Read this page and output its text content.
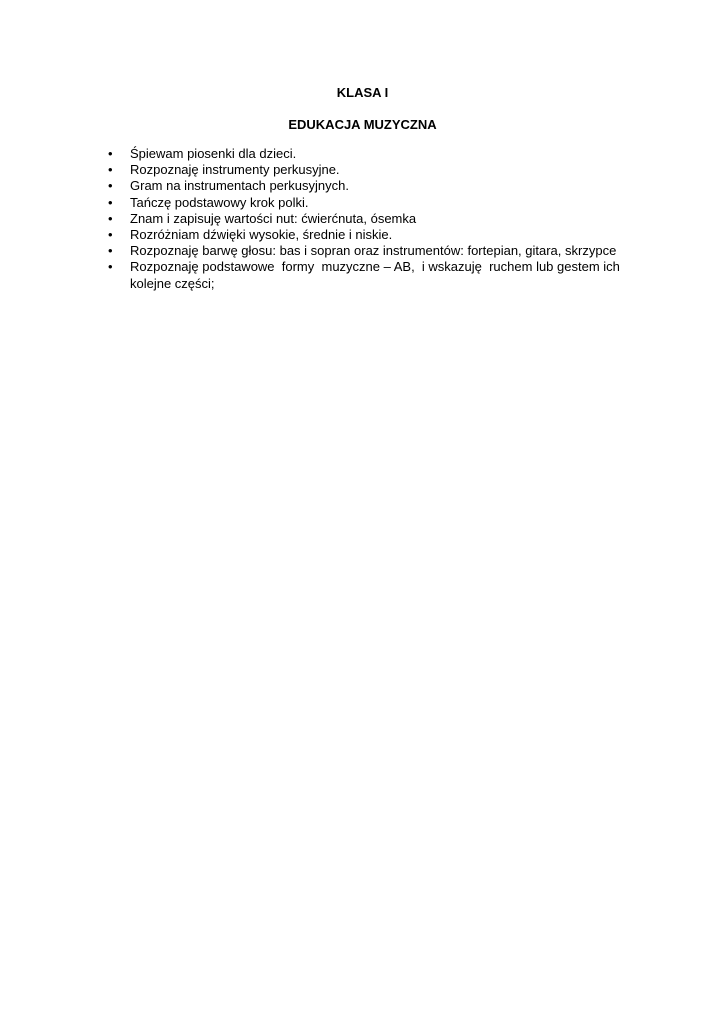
KLASA I
EDUKACJA MUZYCZNA
•	Śpiewam piosenki dla dzieci.
•	Rozpoznaję instrumenty perkusyjne.
•	Gram na instrumentach perkusyjnych.
•	Tańczę podstawowy krok polki.
•	Znam i zapisuję wartości nut: ćwierćnuta, ósemka
•	Rozróżniam dźwięki wysokie, średnie i niskie.
•	Rozpoznaję barwę głosu: bas i sopran oraz instrumentów: fortepian, gitara, skrzypce
•	Rozpoznaję podstawowe  formy  muzyczne – AB,  i wskazuję  ruchem lub gestem ich kolejne części;
